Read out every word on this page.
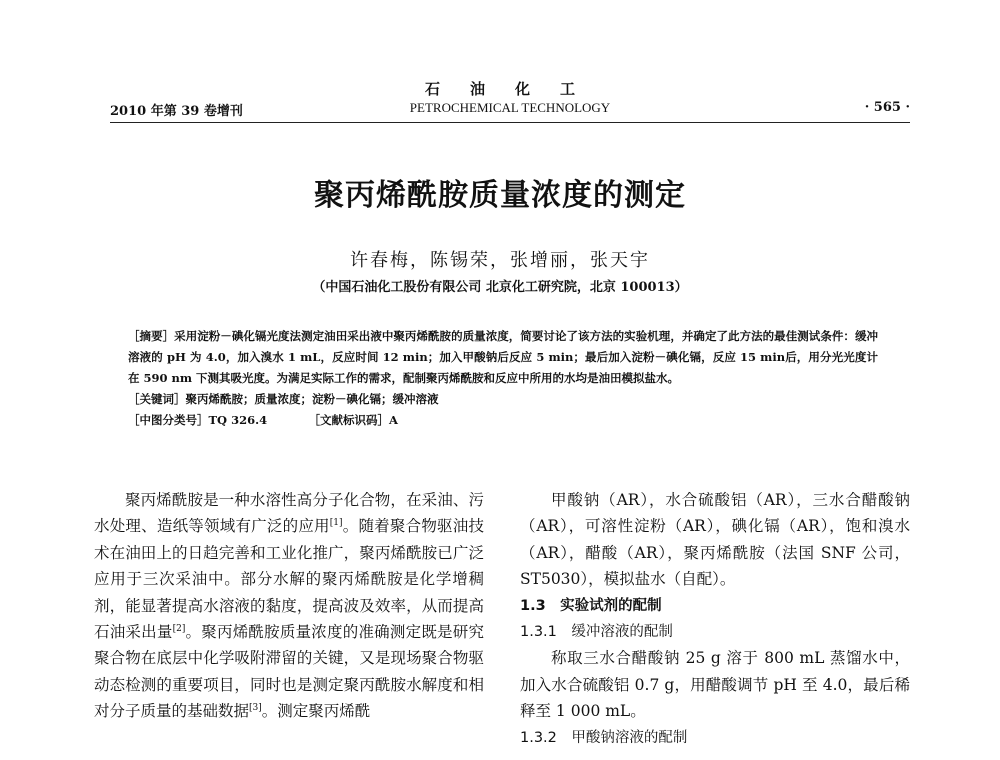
石油化工
2010 年第 39 卷增刊	PETROCHEMICAL TECHNOLOGY	· 565 ·
聚丙烯酰胺质量浓度的测定
许春梅，陈锡荣，张增丽，张天宇
（中国石油化工股份有限公司 北京化工研究院，北京 100013）

［摘要］采用淀粉－碘化镉光度法测定油田采出液中聚丙烯酰胺的质量浓度，简要讨论了该方法的实验机理，并确定了此方法的最佳测试条件：缓冲溶液的 pH 为 4.0，加入溴水 1 mL，反应时间 12 min；加入甲酸钠后反应 5 min；最后加入淀粉－碘化镉，反应 15 min后，用分光光度计在 590 nm 下测其吸光度。为满足实际工作的需求，配制聚丙烯酰胺和反应中所用的水均是油田模拟盐水。

［关键词］聚丙烯酰胺；质量浓度；淀粉－碘化镉；缓冲溶液

［中图分类号］TQ 326.4	［文献标识码］A

聚丙烯酰胺是一种水溶性高分子化合物，在采油、污水处理、造纸等领域有广泛的应用[1]。随着聚合物驱油技术在油田上的日趋完善和工业化推广，聚丙烯酰胺已广泛应用于三次采油中。部分水解的聚丙烯酰胺是化学增稠剂，能显著提高水溶液的黏度，提高波及效率，从而提高石油采出量[2]。聚丙烯酰胺质量浓度的准确测定既是研究聚合物在底层中化学吸附滞留的关键，又是现场聚合物驱动态检测的重要项目，同时也是测定聚丙酰胺水解度和相对分子质量的基础数据[3]。测定聚丙烯酰

甲酸钠（AR），水合硫酸铝（AR），三水合醋酸钠（AR），可溶性淀粉（AR），碘化镉（AR），饱和溴水（AR），醋酸（AR），聚丙烯酰胺（法国 SNF 公司，ST5030），模拟盐水（自配）。

1.3　实验试剂的配制

1.3.1　缓冲溶液的配制

称取三水合醋酸钠 25 g 溶于 800 mL 蒸馏水中，加入水合硫酸铝 0.7 g，用醋酸调节 pH 至 4.0，最后稀释至 1 000 mL。

1.3.2　甲酸钠溶液的配制
